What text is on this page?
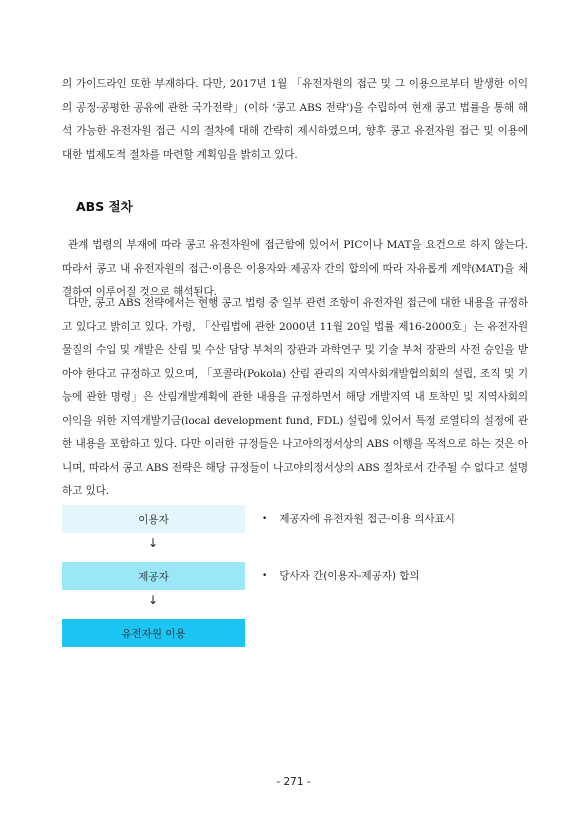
의 가이드라인 또한 부재하다. 다만, 2017년 1월 「유전자원의 접근 및 그 이용으로부터 발생한 이익의 공정·공평한 공유에 관한 국가전략」(이하 ‘콩고 ABS 전략’)을 수립하여 현재 콩고 법률을 통해 해석 가능한 유전자원 접근 시의 절차에 대해 간략히 제시하였으며, 향후 콩고 유전자원 접근 및 이용에 대한 법제도적 절차를 마련할 계획임을 밝히고 있다.
ABS 절차
관계 법령의 부재에 따라 콩고 유전자원에 접근함에 있어서 PIC이나 MAT을 요건으로 하지 않는다. 따라서 콩고 내 유전자원의 접근·이용은 이용자와 제공자 간의 합의에 따라 자유롭게 계약(MAT)을 체결하여 이루어질 것으로 해석된다.
다만, 콩고 ABS 전략에서는 현행 콩고 법령 중 일부 관련 조항이 유전자원 접근에 대한 내용을 규정하고 있다고 밝히고 있다. 가령, 「산림법에 관한 2000년 11월 20일 법률 제16-2000호」는 유전자원 물질의 수입 및 개발은 산림 및 수산 담당 부처의 장관과 과학연구 및 기술 부처 장관의 사전 승인을 받아야 한다고 규정하고 있으며, 「포콜라(Pokola) 산림 관리의 지역사회개발협의회의 설립, 조직 및 기능에 관한 명령」은 산림개발계획에 관한 내용을 규정하면서 해당 개발지역 내 토착민 및 지역사회의 이익을 위한 지역개발기금(local development fund, FDL) 설립에 있어서 특정 로열티의 설정에 관한 내용을 포함하고 있다. 다만 이러한 규정들은 나고야의정서상의 ABS 이행을 목적으로 하는 것은 아니며, 따라서 콩고 ABS 전략은 해당 규정들이 나고야의정서상의 ABS 절차로서 간주될 수 없다고 설명하고 있다.
이용자
↓
제공자
↓
유전자원 이용
• 제공자에 유전자원 접근·이용 의사표시
• 당사자 간(이용자-제공자) 합의
- 271 -
